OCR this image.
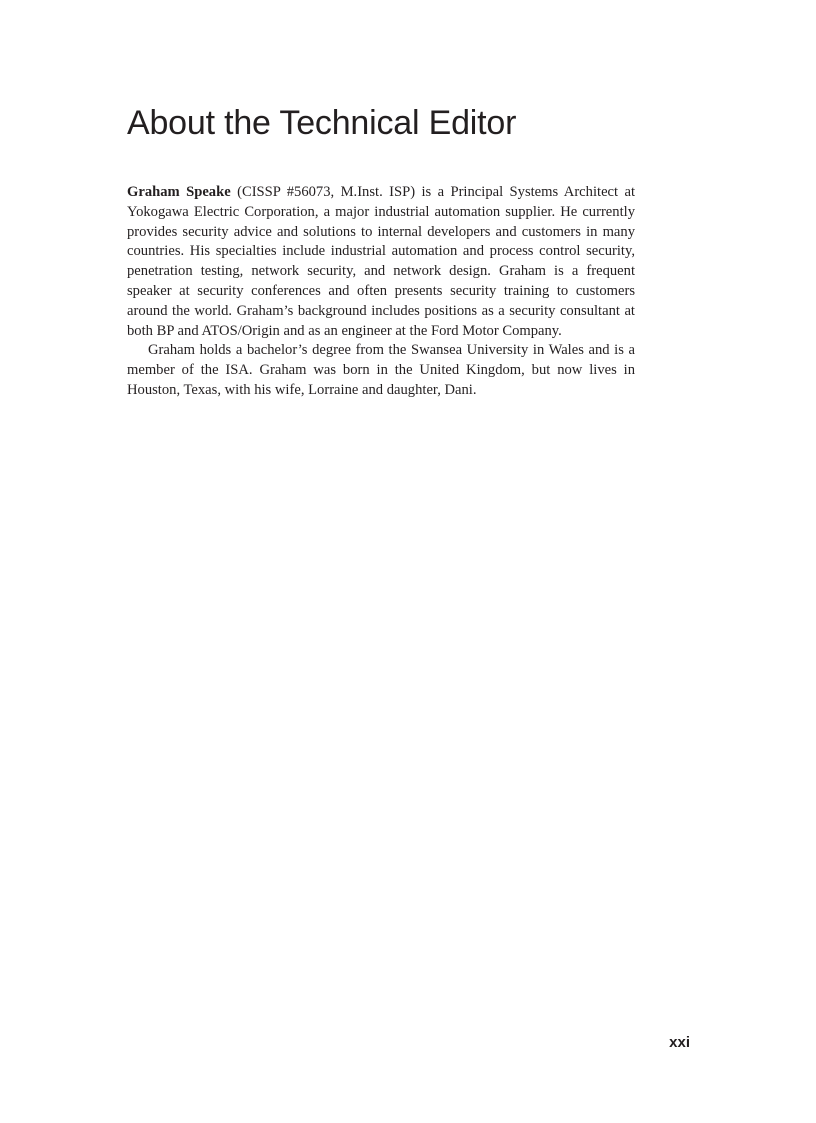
About the Technical Editor

Graham Speake (CISSP #56073, M.Inst. ISP) is a Principal Systems Architect at Yokogawa Electric Corporation, a major industrial automation supplier. He currently provides security advice and solutions to internal developers and customers in many countries. His specialties include industrial automation and process control security, penetration testing, network security, and network design. Graham is a frequent speaker at security conferences and often presents security training to customers around the world. Graham’s background includes positions as a security consultant at both BP and ATOS/Origin and as an engineer at the Ford Motor Company.

Graham holds a bachelor’s degree from the Swansea University in Wales and is a member of the ISA. Graham was born in the United Kingdom, but now lives in Houston, Texas, with his wife, Lorraine and daughter, Dani.

xxi
